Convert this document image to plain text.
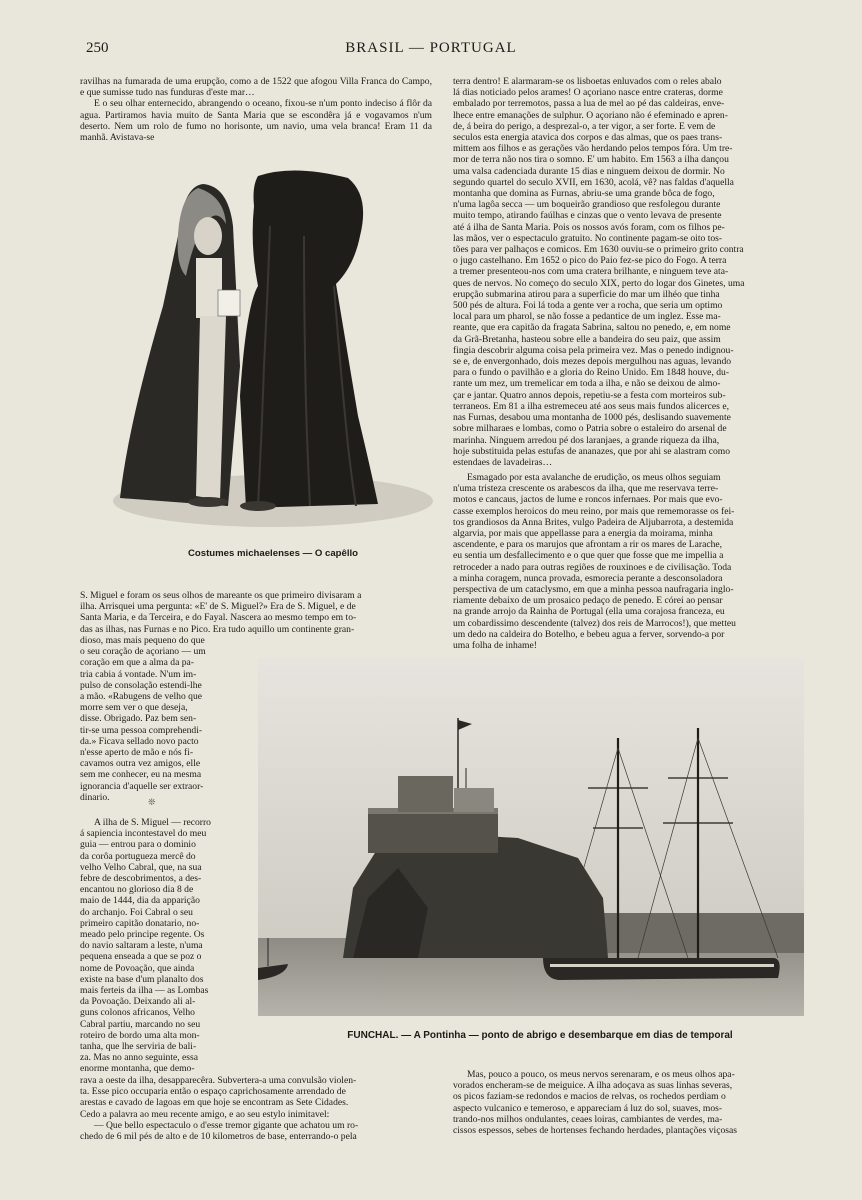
250	BRASIL — PORTUGAL

ravilhas na fumarada de uma erupção, como a de 1522 que afogou Villa Franca do Campo, e que sumisse tudo nas funduras d'este mar…

E o seu olhar enternecido, abrangendo o oceano, fixou-se n'um ponto indeciso á flôr da agua. Partiramos havia muito de Santa Maria que se escondêra já e vogavamos n'um deserto. Nem um rolo de fumo no horisonte, um navio, uma vela branca! Eram 11 da manhã. Avistava-se

Costumes michaelenses — O capêllo

S. Miguel e foram os seus olhos de mareante os que primeiro divisaram a

ilha. Arrisquei uma pergunta: «E' de S. Miguel?» Era de S. Miguel, e de

Santa Maria, e da Terceira, e do Fayal. Nascera ao mesmo tempo em to-

das as ilhas, nas Furnas e no Pico. Era tudo aquillo um continente gran-

dioso, mas mais pequeno do que

o seu coração de açoriano — um

coração em que a alma da pa-

tria cabia á vontade. N'um im-

pulso de consolação estendi-lhe

a mão. «Rabugens de velho que

morre sem ver o que deseja,

disse. Obrigado. Paz bem sen-

tir-se uma pessoa comprehendi-

da.» Ficava sellado novo pacto

n'esse aperto de mão e nós fi-

cavamos outra vez amigos, elle

sem me conhecer, eu na mesma

ignorancia d'aquelle ser extraor-

dinario.	❊

A ilha de S. Miguel — recorro

á sapiencia incontestavel do meu

guia — entrou para o dominio

da corôa portugueza mercê do

velho Velho Cabral, que, na sua

febre de descobrimentos, a des-

encantou no glorioso dia 8 de

maio de 1444, dia da apparição

do archanjo. Foi Cabral o seu

primeiro capitão donatario, no-

meado pelo principe regente. Os

do navio saltaram a leste, n'uma

pequena enseada a que se poz o

nome de Povoação, que ainda

existe na base d'um planalto dos

mais ferteis da ilha — as Lombas

da Povoação. Deixando ali al-

guns colonos africanos, Velho

Cabral partiu, marcando no seu

roteiro de bordo uma alta mon-

tanha, que lhe serviria de bali-

za. Mas no anno seguinte, essa

enorme montanha, que demo-

rava a oeste da ilha, desapparecêra. Subvertera-a uma convulsão violen-

ta. Esse pico occuparia então o espaço caprichosamente arrendado de

arestas e cavado de lagoas em que hoje se encontram as Sete Cidades.

Cedo a palavra ao meu recente amigo, e ao seu estylo inimitavel:

— Que bello espectaculo o d'esse tremor gigante que achatou um ro-

chedo de 6 mil pés de alto e de 10 kilometros de base, enterrando-o pela

terra dentro! E alarmaram-se os lisboetas enluvados com o reles abalo

lá dias noticiado pelos arames! O açoriano nasce entre crateras, dorme

embalado por terremotos, passa a lua de mel ao pé das caldeiras, enve-

lhece entre emanações de sulphur. O açoriano não é efeminado e apren-

de, á beira do perigo, a desprezal-o, a ter vigor, a ser forte. E vem de

seculos esta energia atavica dos corpos e das almas, que os paes trans-

mittem aos filhos e as gerações vão herdando pelos tempos fóra. Um tre-

mor de terra não nos tira o somno. E' um habito. Em 1563 a ilha dançou

uma valsa cadenciada durante 15 dias e ninguem deixou de dormir. No

segundo quartel do seculo XVII, em 1630, acolá, vê? nas faldas d'aquella

montanha que domina as Furnas, abriu-se uma grande bôca de fogo,

n'uma lagôa secca — um boqueirão grandioso que resfolegou durante

muito tempo, atirando faúlhas e cinzas que o vento levava de presente

até á ilha de Santa Maria. Pois os nossos avós foram, com os filhos pe-

las mãos, ver o espectaculo gratuito. No continente pagam-se oito tos-

tões para ver palhaços e comicos. Em 1630 ouviu-se o primeiro grito contra

o jugo castelhano. Em 1652 o pico do Paio fez-se pico do Fogo. A terra

a tremer presenteou-nos com uma cratera brilhante, e ninguem teve ata-

ques de nervos. No começo do seculo XIX, perto do logar dos Ginetes, uma

erupção submarina atirou para a superficie do mar um ilhéo que tinha

500 pés de altura. Foi lá toda a gente ver a rocha, que seria um optimo

local para um pharol, se não fosse a pedantice de um inglez. Esse ma-

reante, que era capitão da fragata Sabrina, saltou no penedo, e, em nome

da Grã-Bretanha, hasteou sobre elle a bandeira do seu paiz, que assim

fingia descobrir alguma coisa pela primeira vez. Mas o penedo indignou-

se e, de envergonhado, dois mezes depois mergulhou nas aguas, levando

para o fundo o pavilhão e a gloria do Reino Unido. Em 1848 houve, du-

rante um mez, um tremelicar em toda a ilha, e não se deixou de almo-

çar e jantar. Quatro annos depois, repetiu-se a festa com morteiros sub-

terraneos. Em 81 a ilha estremeceu até aos seus mais fundos alicerces e,

nas Furnas, desabou uma montanha de 1000 pés, deslisando suavemente

sobre milharaes e lombas, como o Patria sobre o estaleiro do arsenal de

marinha. Ninguem arredou pé dos laranjaes, a grande riqueza da ilha,

hoje substituida pelas estufas de ananazes, que por ahi se alastram como

estendaes de lavadeiras…

Esmagado por esta avalanche de erudição, os meus olhos seguiam

n'uma tristeza crescente os arabescos da ilha, que me reservava terre-

motos e cancaus, jactos de lume e roncos infernaes. Por mais que evo-

casse exemplos heroicos do meu reino, por mais que rememorasse os fei-

tos grandiosos da Anna Brites, vulgo Padeira de Aljubarrota, a destemida

algarvia, por mais que appellasse para a energia da moirama, minha

ascendente, e para os marujos que afrontam a rir os mares de Larache,

eu sentia um desfallecimento e o que quer que fosse que me impellia a

retroceder a nado para outras regiões de rouxinoes e de civilisação. Toda

a minha coragem, nunca provada, esmorecia perante a desconsoladora

perspectiva de um cataclysmo, em que a minha pessoa naufragaria inglo-

riamente debaixo de um prosaico pedaço de penedo. E córei ao pensar

na grande arrojo da Rainha de Portugal (ella uma corajosa franceza, eu

um cobardissimo descendente (talvez) dos reis de Marrocos!), que metteu

um dedo na caldeira do Botelho, e bebeu agua a ferver, sorvendo-a por

uma folha de inhame!

FUNCHAL. — A Pontinha — ponto de abrigo e desembarque em dias de temporal

Mas, pouco a pouco, os meus nervos serenaram, e os meus olhos apa-

vorados encheram-se de meiguice. A ilha adoçava as suas linhas severas,

os picos faziam-se redondos e macios de relvas, os rochedos perdiam o

aspecto vulcanico e temeroso, e appareciam á luz do sol, suaves, mos-

trando-nos milhos ondulantes, ceaes loiras, cambiantes de verdes, ma-

cissos espessos, sebes de hortenses fechando herdades, plantações viçosas
